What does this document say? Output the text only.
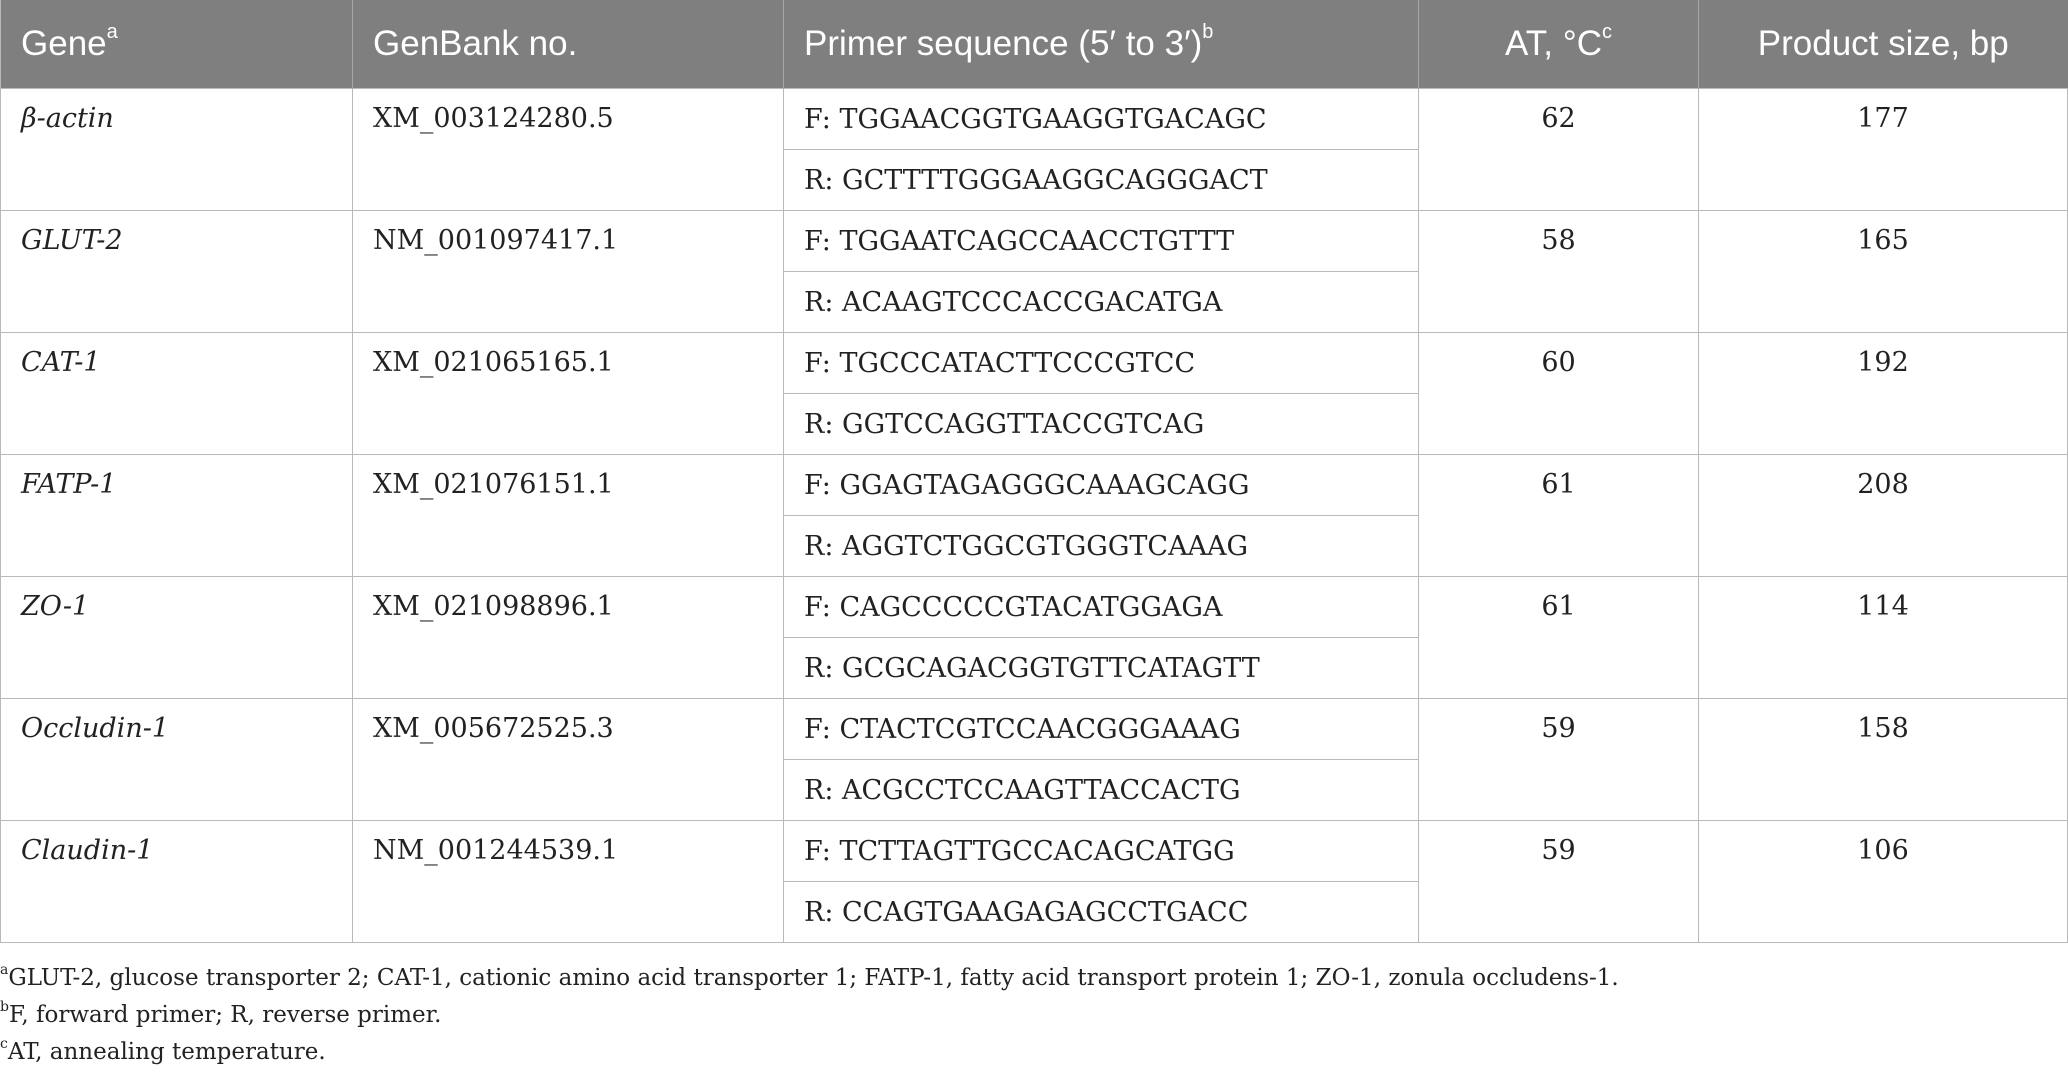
Gene$^a$	GenBank no.	Primer sequence (5′ to 3′)$^b$	AT, $^\circ C^c$	Product size, bp
β-actin	XM_003124280.5	F: TGGAACGGTGAAGGTGACAGC	62	177
		R: GCTTTTGGGAAGGCAGGGACT		
GLUT-2	NM_001097417.1	F: TGGAATCAGCCAACCTGTTT	58	165
		R: ACAAGTCCCACCGACATGA		
CAT-1	XM_021065165.1	F: TGCCCATACTTCCCGTCC	60	192
		R: GGTCCAGGTTACCGTCAG		
FATP-1	XM_021076151.1	F: GGAGTAGAGGGCAAAGCAGG	61	208
		R: AGGTCTGGCGTGGGTCAAAG		
ZO-1	XM_021098896.1	F: CAGCCCCCGTACATGGAGA	61	114
		R: GCGCAGACGGTGTTCATAGTT		
Occludin-1	XM_005672525.3	F: CTACTCGTCCAACGGGAAAG	59	158
		R: ACGCCTCCAAGTTACCACTG		
Claudin-1	NM_001244539.1	F: TCTTAGTTGCCACAGCATGG	59	106
		R: CCAGTGAAGAGAGCCTGACC		
$^a$GLUT-2, glucose transporter 2; CAT-1, cationic amino acid transporter 1; FATP-1, fatty acid transport protein 1; ZO-1, zonula occludens-1.
$^b$F, forward primer; R, reverse primer.
$^c$AT, annealing temperature.
